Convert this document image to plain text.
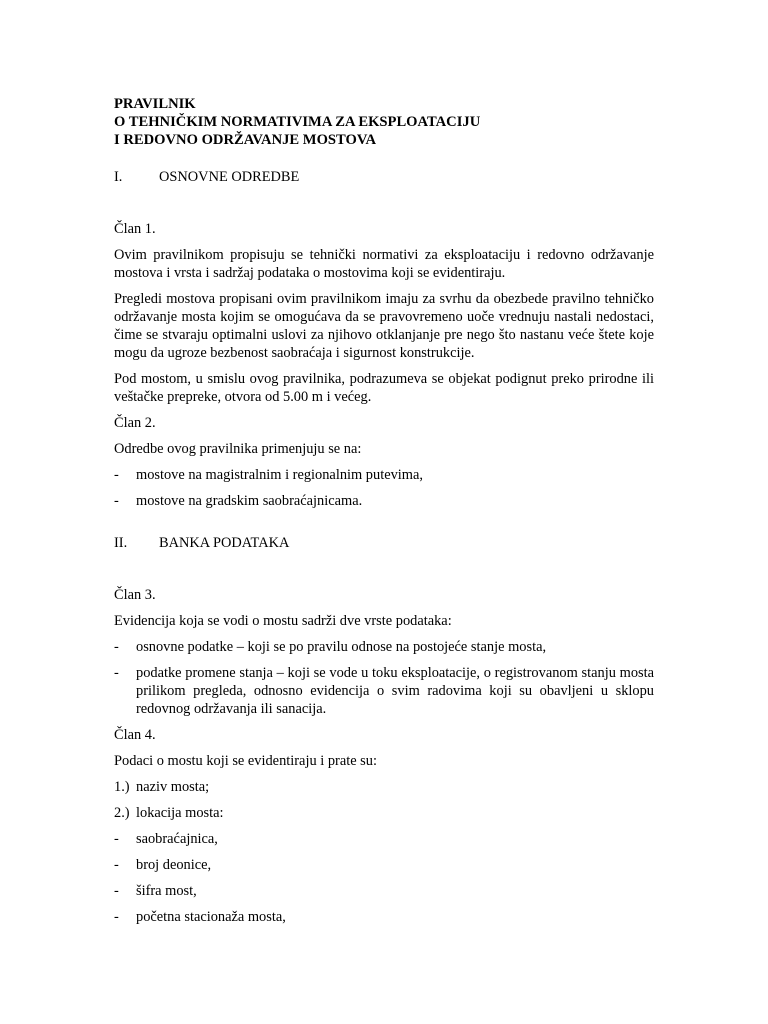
PRAVILNIK
O TEHNIČKIM NORMATIVIMA ZA EKSPLOATACIJU
I REDOVNO ODRŽAVANJE MOSTOVA
I.	OSNOVNE ODREDBE
Član 1.

Ovim pravilnikom propisuju se tehnički normativi za eksploataciju i redovno održavanje mostova i vrsta i sadržaj podataka o mostovima koji se evidentiraju.

Pregledi mostova propisani ovim pravilnikom imaju za svrhu da obezbede pravilno tehničko održavanje mosta kojim se omogućava da se pravovremeno uoče vrednuju nastali nedostaci, čime se stvaraju optimalni uslovi za njihovo otklanjanje pre nego što nastanu veće štete koje mogu da ugroze bezbenost saobraćaja i sigurnost konstrukcije.

Pod mostom, u smislu ovog pravilnika, podrazumeva se objekat podignut preko prirodne ili veštačke prepreke, otvora od 5.00 m i većeg.

Član 2.

Odredbe ovog pravilnika primenjuju se na:

-	mostove na magistralnim i regionalnim putevima,
-	mostove na gradskim saobraćajnicama.
II.	BANKA PODATAKA
Član 3.

Evidencija koja se vodi o mostu sadrži dve vrste podataka:

-	osnovne podatke – koji se po pravilu odnose na postojeće stanje mosta,
-	podatke promene stanja – koji se vode u toku eksploatacije, o registrovanom stanju mosta prilikom pregleda, odnosno evidencija o svim radovima koji su obavljeni u sklopu redovnog održavanja ili sanacija.
Član 4.

Podaci o mostu koji se evidentiraju i prate su:

1.) naziv mosta;
2.) lokacija mosta:
-	saobraćajnica,
-	broj deonice,
-	šifra most,
-	početna stacionaža mosta,
